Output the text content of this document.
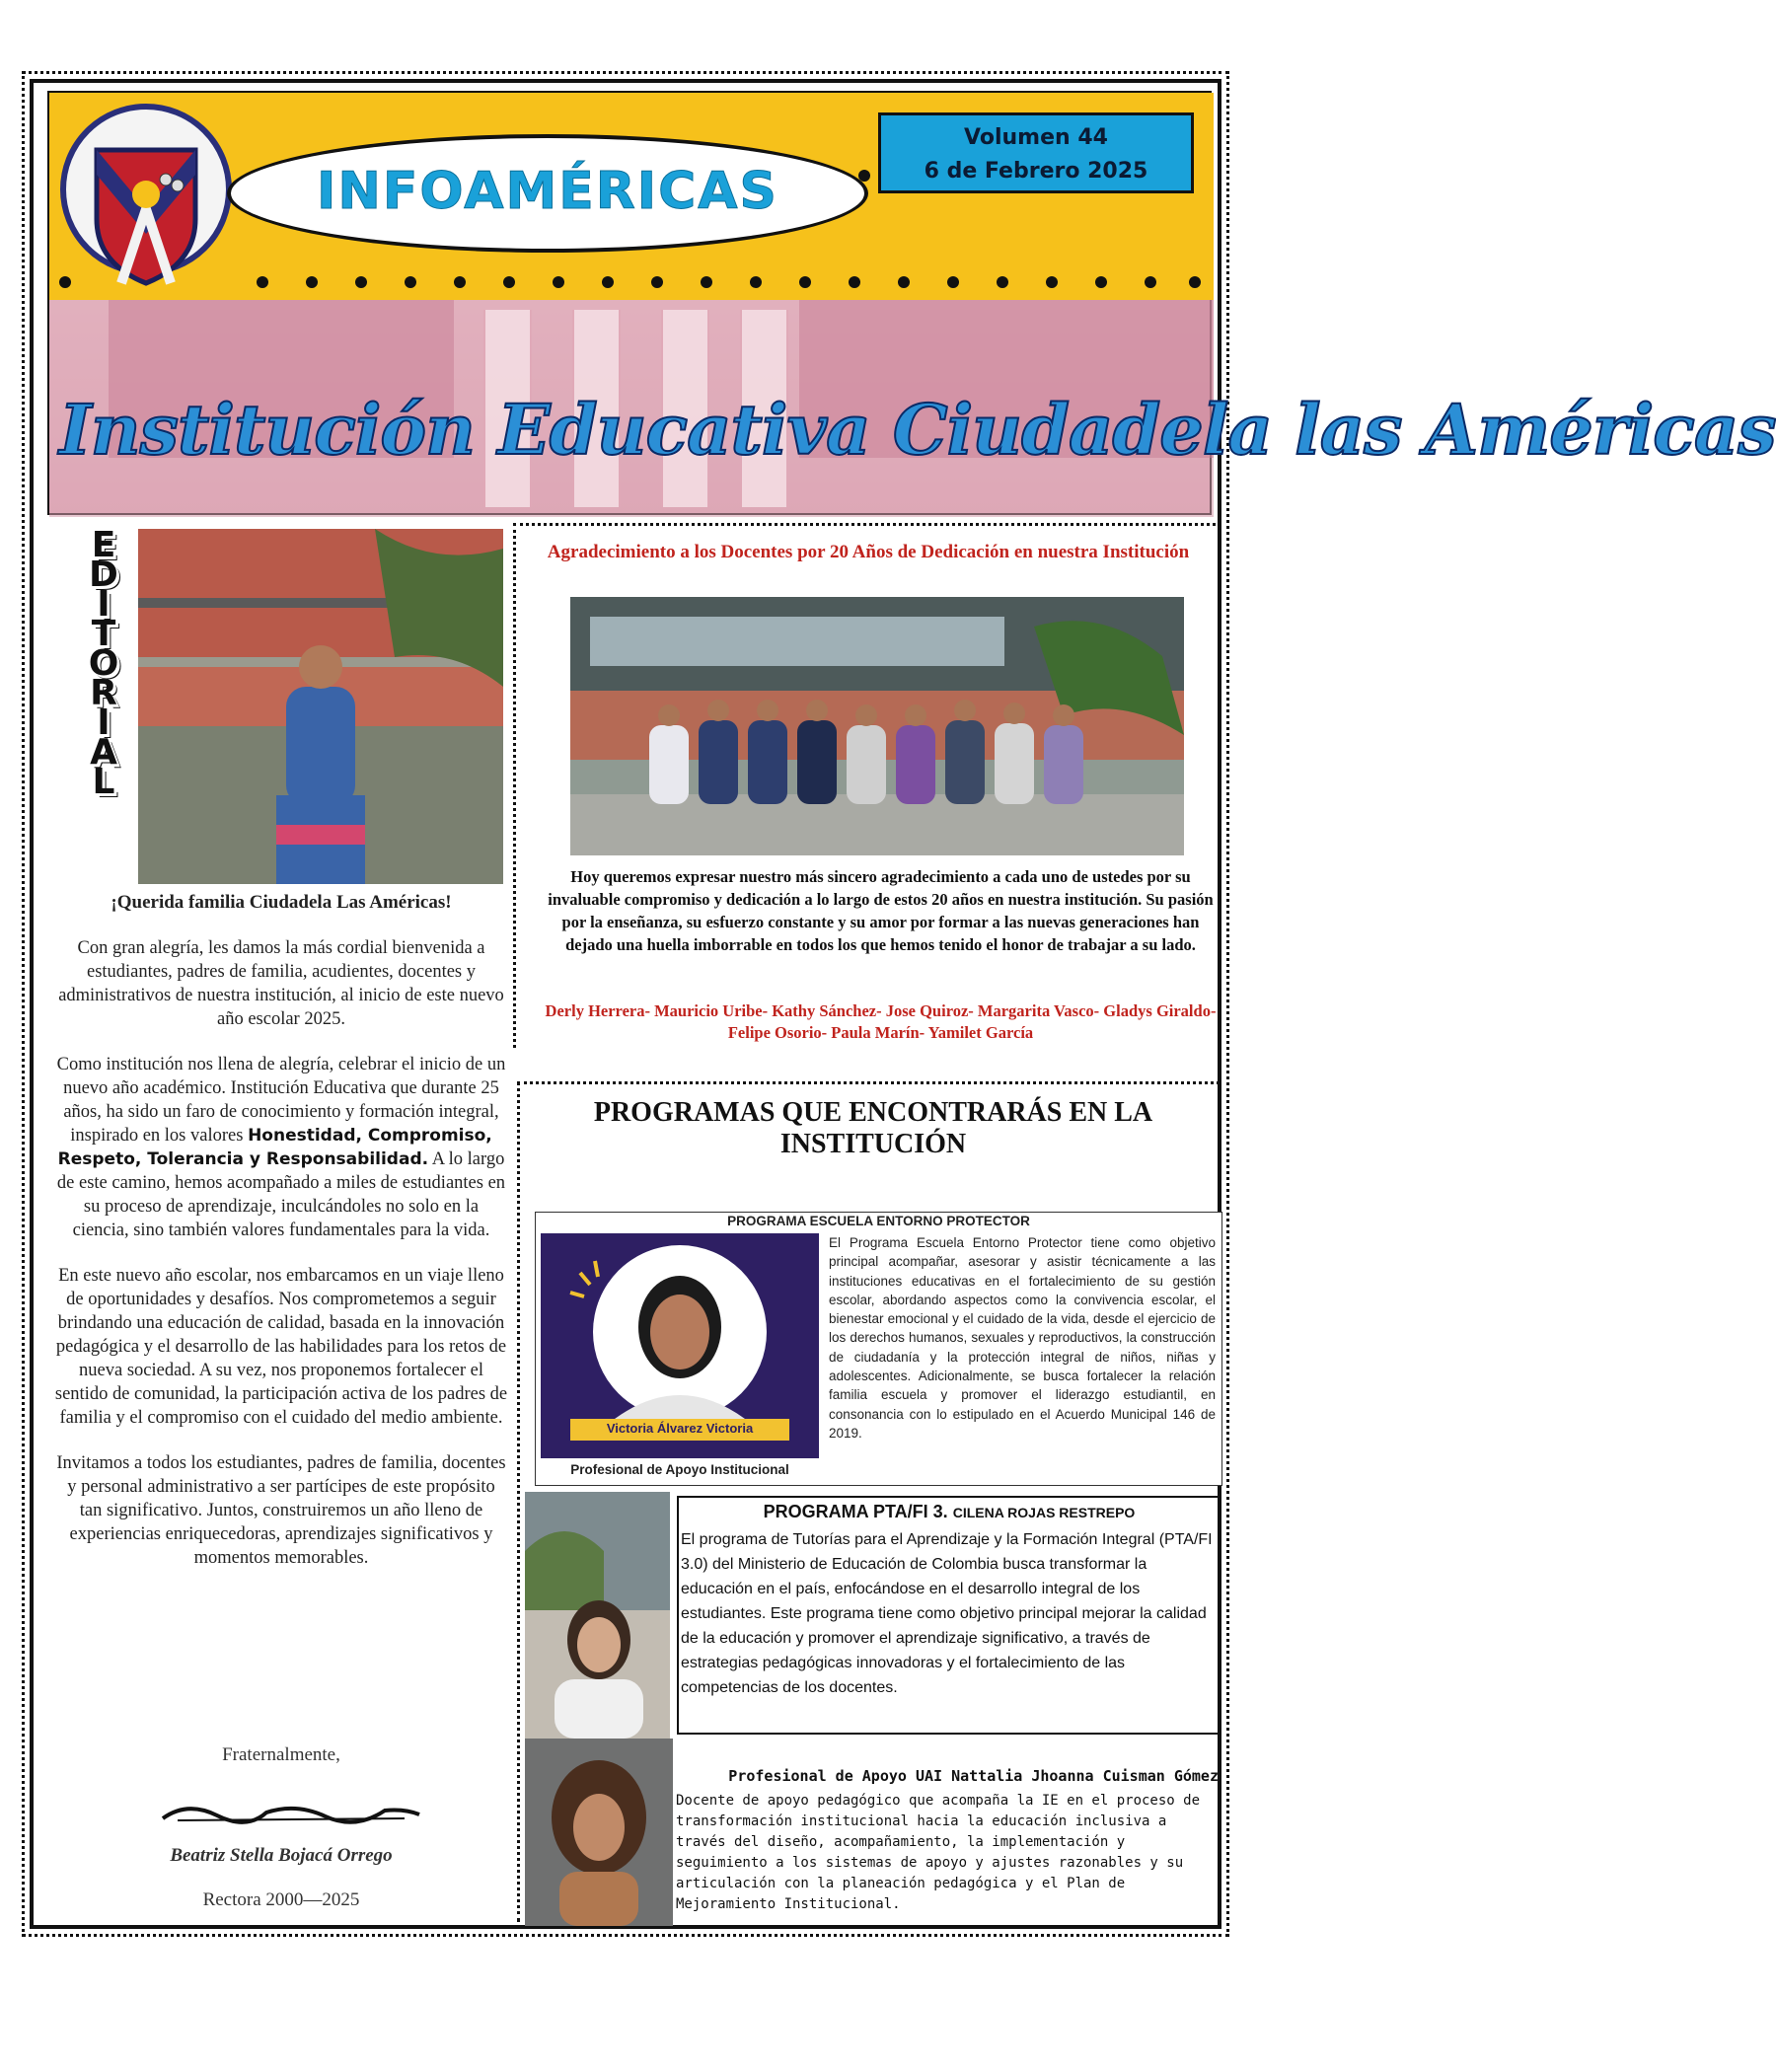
INFOAMÉRICAS
Volumen 44
6 de Febrero 2025
Institución Educativa Ciudadela las Américas
E
D
I
T
O
R
I
A
L

¡Querida familia Ciudadela Las Américas!

Con gran alegría, les damos la más cordial bienvenida a estudiantes, padres de familia, acudientes, docentes y administrativos de nuestra institución, al inicio de este nuevo año escolar 2025.

Como institución nos llena de alegría, celebrar el inicio de un nuevo año académico. Institución Educativa que durante 25 años, ha sido un faro de conocimiento y formación integral, inspirado en los valores Honestidad, Compromiso, Respeto, Tolerancia y Responsabilidad. A lo largo de este camino, hemos acompañado a miles de estudiantes en su proceso de aprendizaje, inculcándoles no solo en la ciencia, sino también valores fundamentales para la vida.

En este nuevo año escolar, nos embarcamos en un viaje lleno de oportunidades y desafíos. Nos comprometemos a seguir brindando una educación de calidad, basada en la innovación pedagógica y el desarrollo de las habilidades para los retos de nueva sociedad. A su vez, nos proponemos fortalecer el sentido de comunidad, la participación activa de los padres de familia y el compromiso con el cuidado del medio ambiente.

Invitamos a todos los estudiantes, padres de familia, docentes y personal administrativo a ser partícipes de este propósito tan significativo. Juntos, construiremos un año lleno de experiencias enriquecedoras, aprendizajes significativos y momentos memorables.

Fraternalmente,
Beatriz Stella Bojacá Orrego
Rectora 2000—2025
Agradecimiento a los Docentes por 20 Años de Dedicación en nuestra Institución
Hoy queremos expresar nuestro más sincero agradecimiento a cada uno de ustedes por su invaluable compromiso y dedicación a lo largo de estos 20 años en nuestra institución. Su pasión por la enseñanza, su esfuerzo constante y su amor por formar a las nuevas generaciones han dejado una huella imborrable en todos los que hemos tenido el honor de trabajar a su lado.
Derly Herrera- Mauricio Uribe- Kathy Sánchez- Jose Quiroz- Margarita Vasco- Gladys Giraldo- Felipe Osorio- Paula Marín- Yamilet García
PROGRAMAS QUE ENCONTRARÁS EN LA INSTITUCIÓN
PROGRAMA ESCUELA ENTORNO PROTECTOR
Victoria Álvarez Victoria
Profesional de Apoyo Institucional
El Programa Escuela Entorno Protector tiene como objetivo principal acompañar, asesorar y asistir técnicamente a las instituciones educativas en el fortalecimiento de su gestión escolar, abordando aspectos como la convivencia escolar, el bienestar emocional y el cuidado de la vida, desde el ejercicio de los derechos humanos, sexuales y reproductivos, la construcción de ciudadanía y la protección integral de niños, niñas y adolescentes. Adicionalmente, se busca fortalecer la relación familia escuela y promover el liderazgo estudiantil, en consonancia con lo estipulado en el Acuerdo Municipal 146 de 2019.
PROGRAMA PTA/FI 3. CILENA ROJAS RESTREPO
El programa de Tutorías para el Aprendizaje y la Formación Integral (PTA/FI 3.0) del Ministerio de Educación de Colombia busca transformar la educación en el país, enfocándose en el desarrollo integral de los estudiantes. Este programa tiene como objetivo principal mejorar la calidad de la educación y promover el aprendizaje significativo, a través de estrategias pedagógicas innovadoras y el fortalecimiento de las competencias de los docentes.
Profesional de Apoyo UAI Nattalia Jhoanna Cuisman Gómez
Docente de apoyo pedagógico que acompaña la IE en el proceso de transformación institucional hacia la educación inclusiva a través del diseño, acompañamiento, la implementación y seguimiento a los sistemas de apoyo y ajustes razonables y su articulación con la planeación pedagógica y el Plan de Mejoramiento Institucional.
